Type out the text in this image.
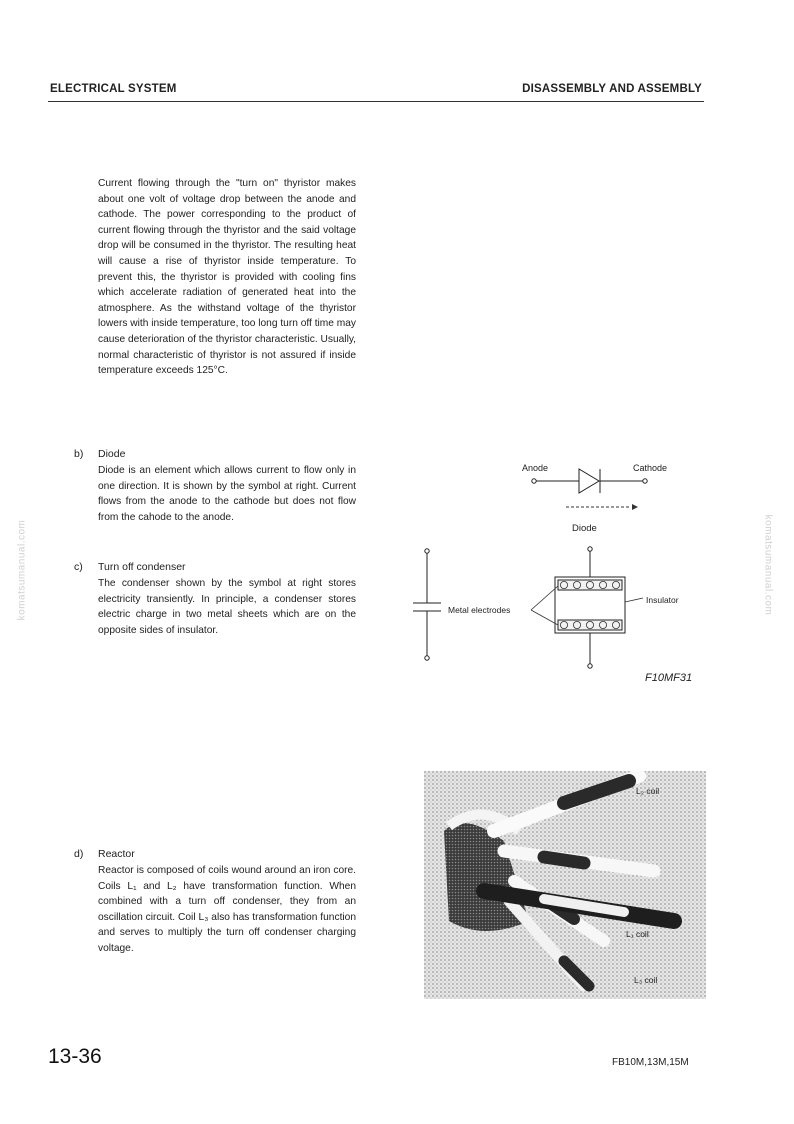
ELECTRICAL SYSTEM	DISASSEMBLY AND ASSEMBLY
komatsumanual.com	komatsumanual.com
Current flowing through the "turn on" thyristor makes about one volt of voltage drop between the anode and cathode. The power corresponding to the product of current flowing through the thyristor and the said voltage drop will be consumed in the thyristor. The resulting heat will cause a rise of thyristor inside temperature. To prevent this, the thyristor is provided with cooling fins which accelerate radiation of generated heat into the atmosphere. As the withstand voltage of the thyristor lowers with inside temperature, too long turn off time may cause deterioration of the thyristor characteristic. Usually, normal characteristic of thyristor is not assured if inside temperature exceeds 125°C.
b) Diode
Diode is an element which allows current to flow only in one direction. It is shown by the symbol at right. Current flows from the anode to the cathode but does not flow from the cahode to the anode.
c) Turn off condenser
The condenser shown by the symbol at right stores electricity transiently. In principle, a condenser stores electric charge in two metal sheets which are on the opposite sides of insulator.
d) Reactor
Reactor is composed of coils wound around an iron core. Coils L₁ and L₂ have transformation function. When combined with a turn off condenser, they from an oscillation circuit. Coil L₃ also has transformation function and serves to multiply the turn off condenser charging voltage.
Anode	Cathode
Diode
Metal electrodes
Insulator
F10MF31
L₂ coil
L₁ coil
L₃ coil
13-36	FB10M,13M,15M
